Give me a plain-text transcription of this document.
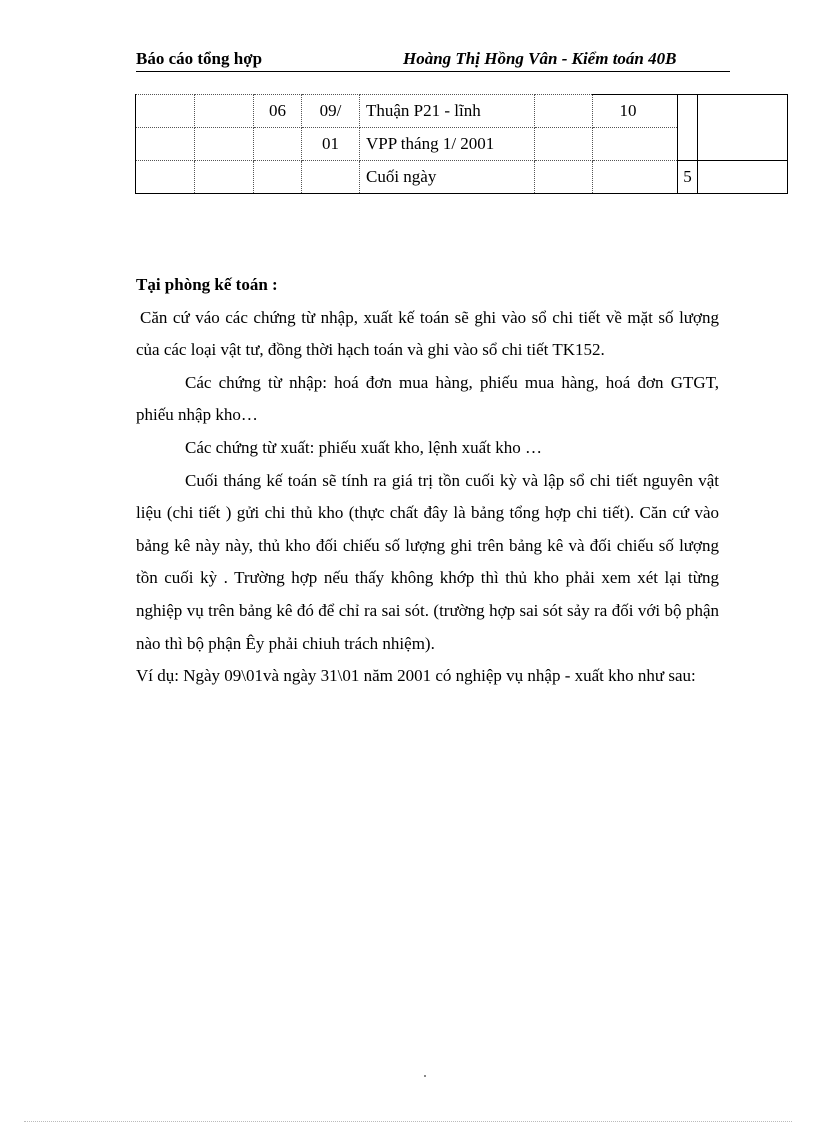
Báo cáo tổng hợp	Hoàng Thị Hồng Vân - Kiểm toán 40B
		06	09/	Thuận P21 - lĩnh		10		
			01	VPP tháng 1/ 2001				
				Cuối ngày			5	

Tại phòng kế toán :

Căn cứ váo các chứng từ nhập, xuất kế toán sẽ ghi vào sổ chi tiết về mặt số lượng của các loại vật tư, đồng thời hạch toán và ghi vào sổ chi tiết TK152.

Các chứng từ nhập: hoá đơn mua hàng, phiếu mua hàng, hoá đơn GTGT, phiếu nhập kho…

Các chứng từ xuất: phiếu xuất kho, lệnh xuất kho …

Cuối tháng kế toán sẽ tính ra giá trị tồn cuối kỳ và lập sổ chi tiết nguyên vật liệu (chi tiết ) gửi chi thủ kho (thực chất đây là bảng tổng hợp chi tiết). Căn cứ vào bảng kê này này, thủ kho đối chiếu số lượng ghi trên bảng kê và đối chiếu số lượng tồn cuối kỳ . Trường hợp nếu thấy không khớp thì thủ kho phải xem xét lại từng nghiệp vụ trên bảng kê đó để chỉ ra sai sót. (trường hợp sai sót sảy ra đối với bộ phận nào thì bộ phận Êy phải chiuh trách nhiệm).

Ví dụ: Ngày 09\01và ngày 31\01 năm 2001 có nghiệp vụ nhập - xuất kho như sau:
